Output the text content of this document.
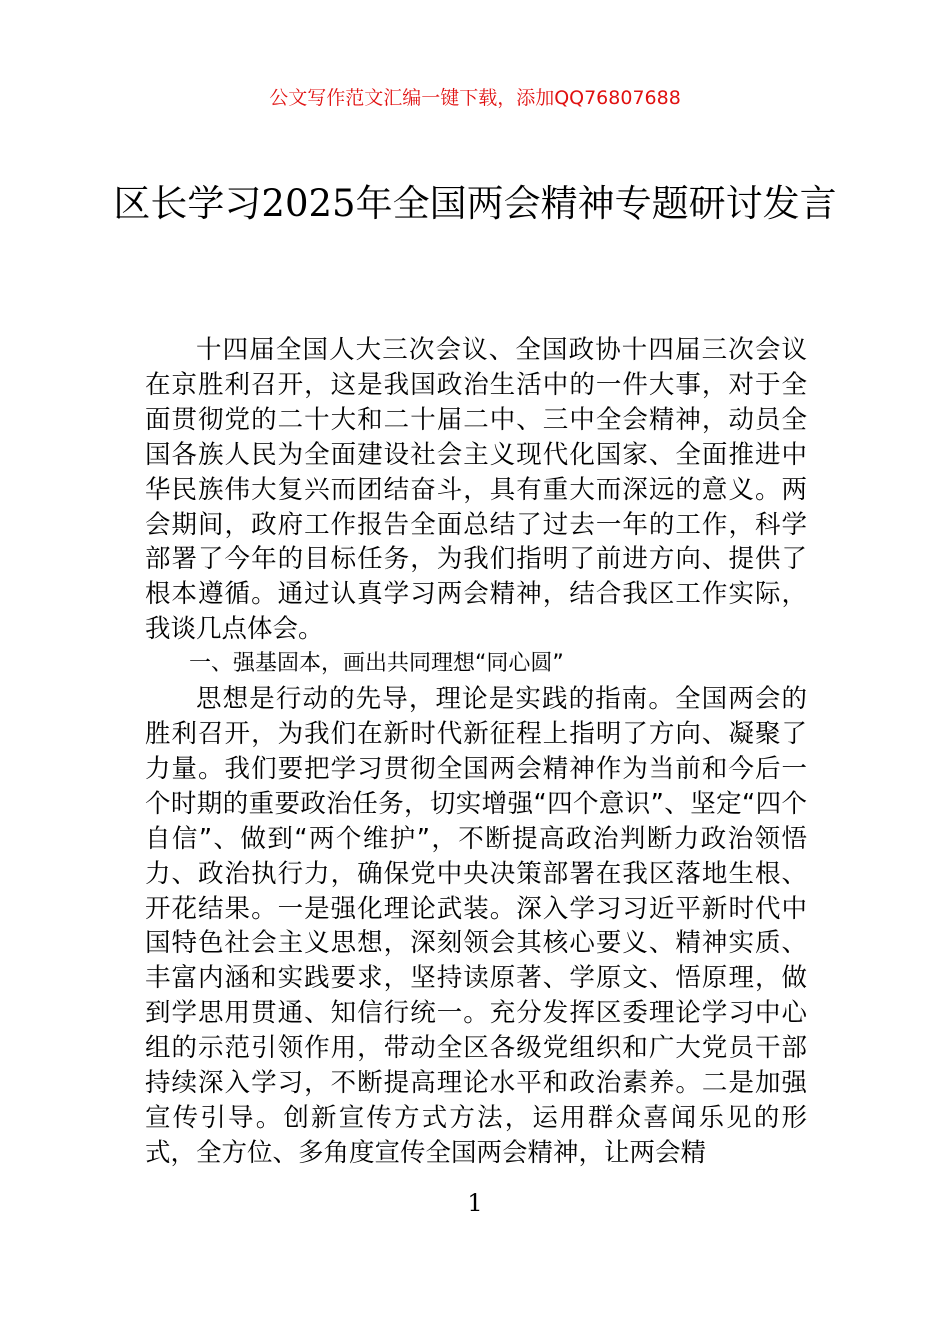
公文写作范文汇编一键下载，添加QQ76807688
区长学习2025年全国两会精神专题研讨发言

十四届全国人大三次会议、全国政协十四届三次会议在京胜利召开，这是我国政治生活中的一件大事，对于全面贯彻党的二十大和二十届二中、三中全会精神，动员全国各族人民为全面建设社会主义现代化国家、全面推进中华民族伟大复兴而团结奋斗，具有重大而深远的意义。两会期间，政府工作报告全面总结了过去一年的工作，科学部署了今年的目标任务，为我们指明了前进方向、提供了根本遵循。通过认真学习两会精神，结合我区工作实际，我谈几点体会。

一、强基固本，画出共同理想“同心圆”

思想是行动的先导，理论是实践的指南。全国两会的胜利召开，为我们在新时代新征程上指明了方向、凝聚了力量。我们要把学习贯彻全国两会精神作为当前和今后一个时期的重要政治任务，切实增强“四个意识”、坚定“四个自信”、做到“两个维护”，不断提高政治判断力政治领悟力、政治执行力，确保党中央决策部署在我区落地生根、开花结果。一是强化理论武装。深入学习习近平新时代中国特色社会主义思想，深刻领会其核心要义、精神实质、丰富内涵和实践要求，坚持读原著、学原文、悟原理，做到学思用贯通、知信行统一。充分发挥区委理论学习中心组的示范引领作用，带动全区各级党组织和广大党员干部持续深入学习，不断提高理论水平和政治素养。二是加强宣传引导。创新宣传方式方法，运用群众喜闻乐见的形式，全方位、多角度宣传全国两会精神，让两会精

1
